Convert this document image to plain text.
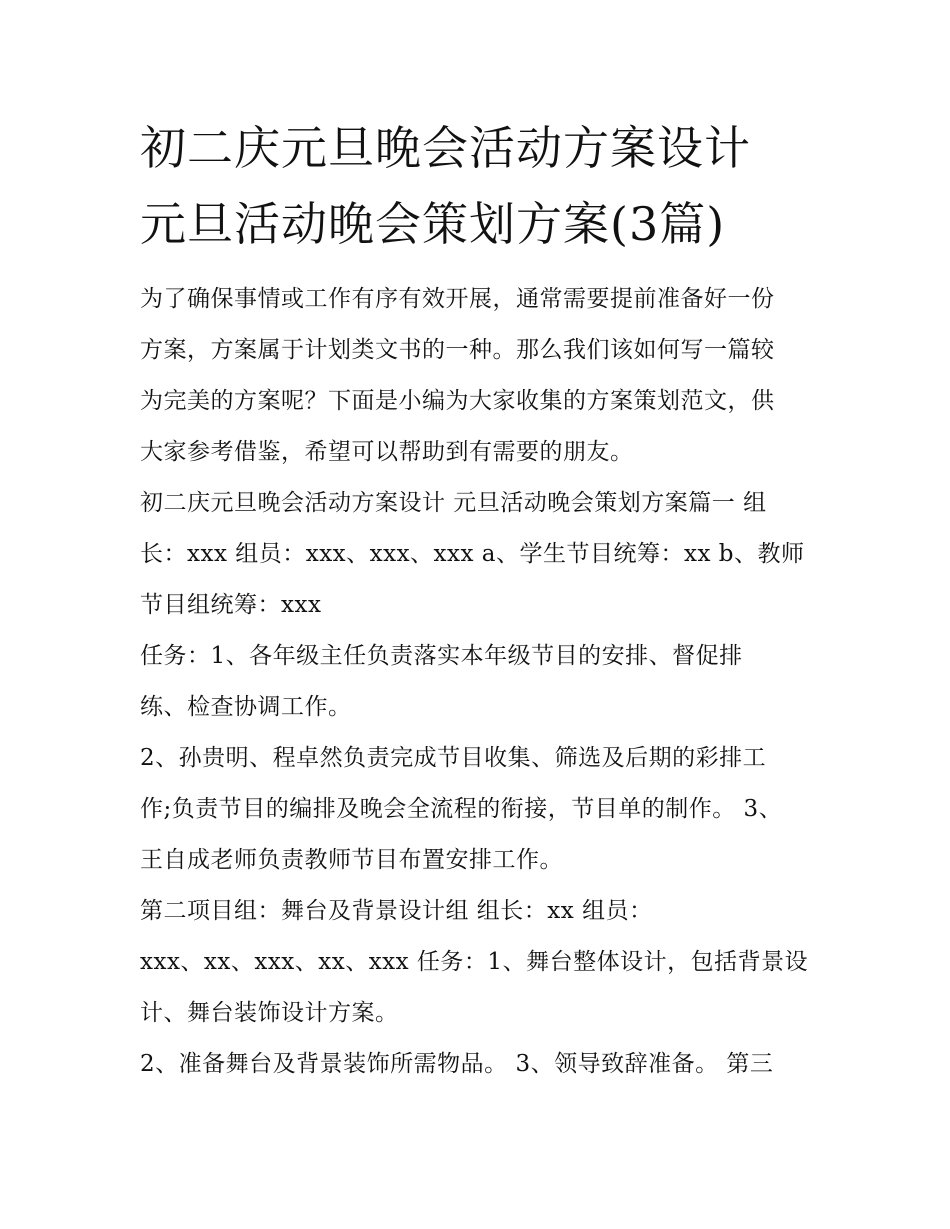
初二庆元旦晚会活动方案设计
元旦活动晚会策划方案(3篇)

为了确保事情或工作有序有效开展，通常需要提前准备好一份

方案，方案属于计划类文书的一种。那么我们该如何写一篇较

为完美的方案呢？下面是小编为大家收集的方案策划范文，供

大家参考借鉴，希望可以帮助到有需要的朋友。

初二庆元旦晚会活动方案设计 元旦活动晚会策划方案篇一 组

长：xxx 组员：xxx、xxx、xxx a、学生节目统筹：xx b、教师

节目组统筹：xxx

任务：1、各年级主任负责落实本年级节目的安排、督促排

练、检查协调工作。

2、孙贵明、程卓然负责完成节目收集、筛选及后期的彩排工

作;负责节目的编排及晚会全流程的衔接，节目单的制作。 3、

王自成老师负责教师节目布置安排工作。

第二项目组：舞台及背景设计组 组长：xx 组员：

xxx、xx、xxx、xx、xxx 任务：1、舞台整体设计，包括背景设

计、舞台装饰设计方案。

2、准备舞台及背景装饰所需物品。 3、领导致辞准备。 第三
